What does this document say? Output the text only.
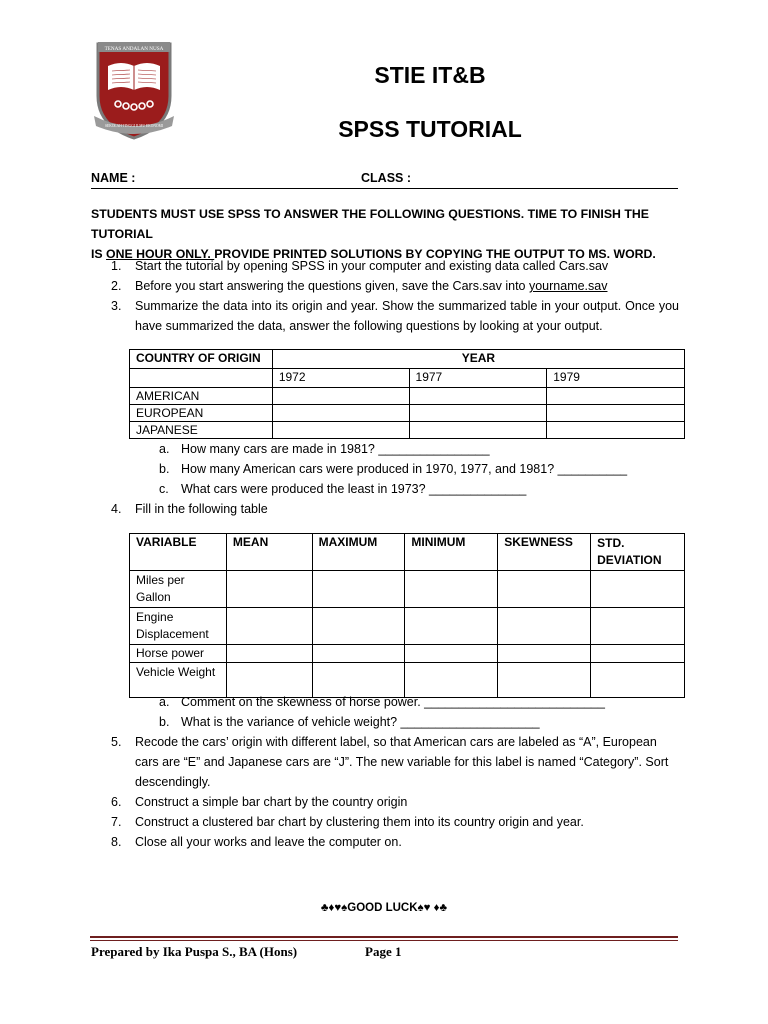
TENAS ANDALAN NUSA
SEKOLAH TINGGI ILMU EKONOMI
STIE IT&B
SPSS TUTORIAL
NAME :	CLASS :
STUDENTS MUST USE SPSS TO ANSWER THE FOLLOWING QUESTIONS. TIME TO FINISH THE TUTORIAL
IS ONE HOUR ONLY. PROVIDE PRINTED SOLUTIONS BY COPYING THE OUTPUT TO MS. WORD.
1. Start the tutorial by opening SPSS in your computer and existing data called Cars.sav
2. Before you start answering the questions given, save the Cars.sav into yourname.sav
3. Summarize the data into its origin and year. Show the summarized table in your output. Once you have summarized the data, answer the following questions by looking at your output.
COUNTRY OF ORIGIN	YEAR		
	1972	1977	1979
AMERICAN			
EUROPEAN			
JAPANESE			
a. How many cars are made in 1981? ________________
b. How many American cars were produced in 1970, 1977, and 1981? __________
c. What cars were produced the least in 1973? ______________
4. Fill in the following table
VARIABLE	MEAN	MAXIMUM	MINIMUM	SKEWNESS	STD. DEVIATION
Miles per Gallon					
Engine Displacement					
Horse power					
Vehicle Weight					
a. Comment on the skewness of horse power. __________________________
b. What is the variance of vehicle weight? ____________________
5. Recode the cars’ origin with different label, so that American cars are labeled as “A”, European cars are “E” and Japanese cars are “J”. The new variable for this label is named “Category”. Sort descendingly.
6. Construct a simple bar chart by the country origin
7. Construct a clustered bar chart by clustering them into its country origin and year.
8. Close all your works and leave the computer on.
♣♦♥♠GOOD LUCK♠♥ ♦♣
Prepared by Ika Puspa S., BA (Hons)	Page 1
